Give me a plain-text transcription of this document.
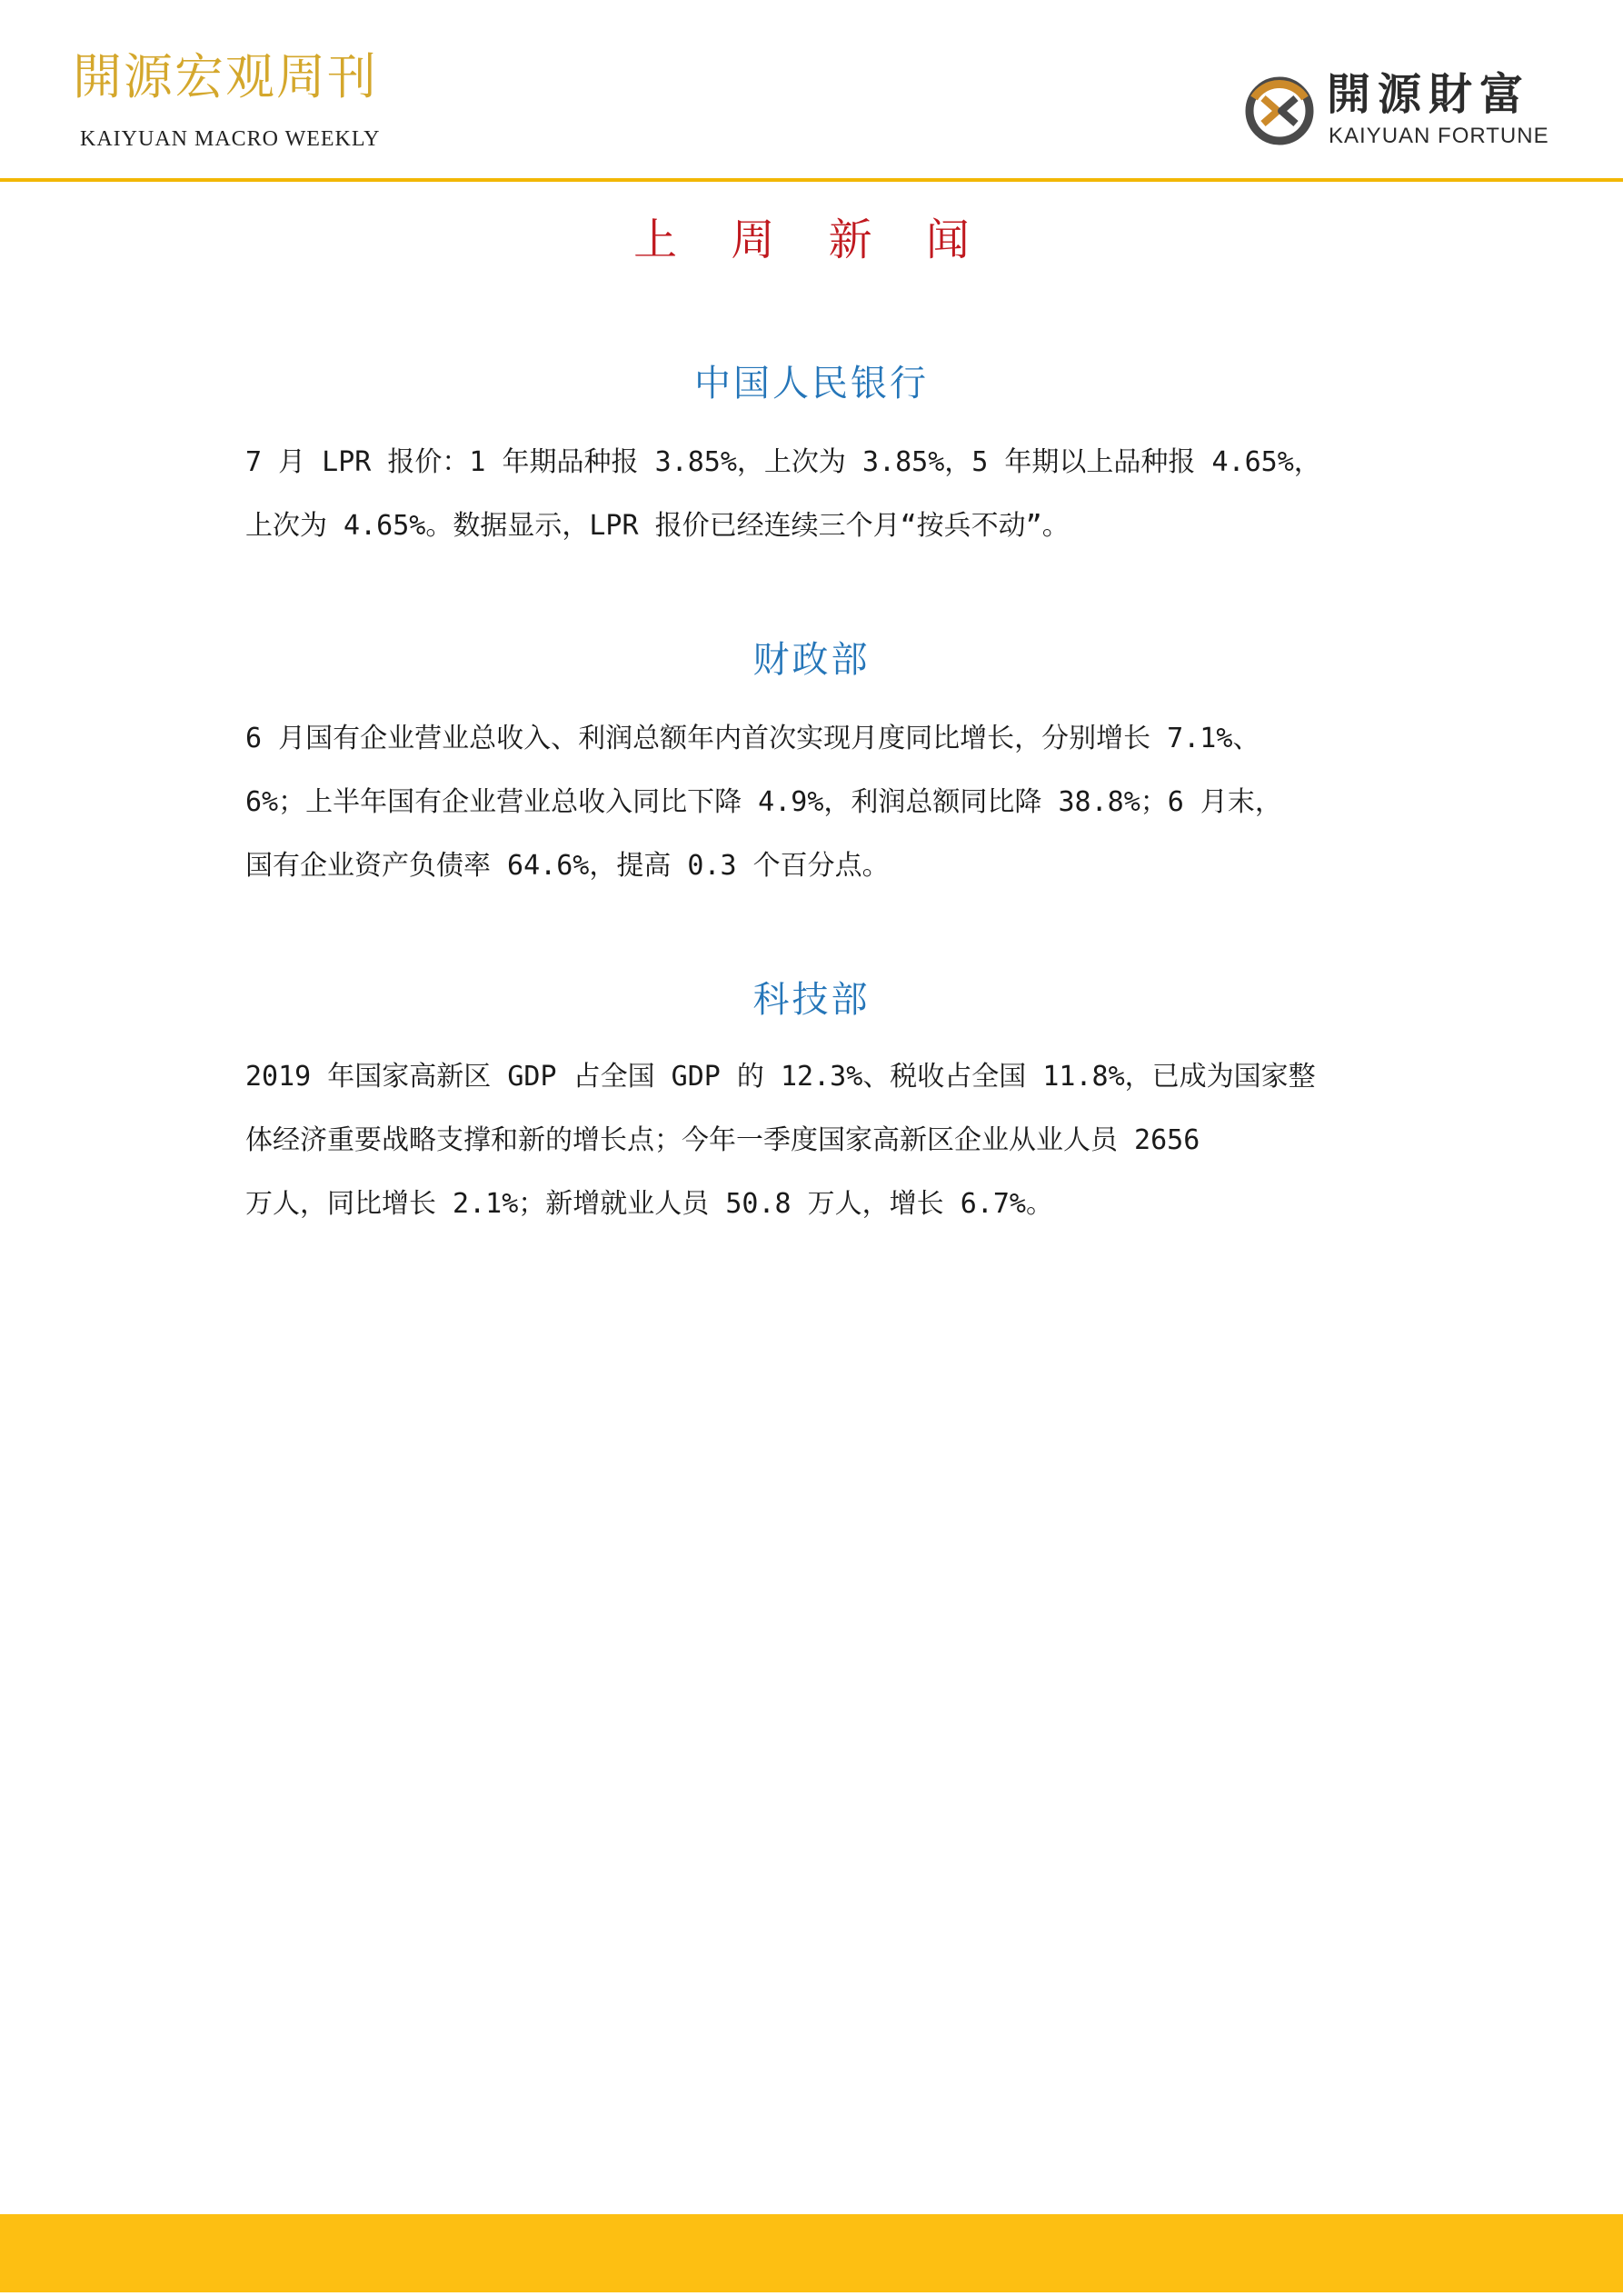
開源宏观周刊
KAIYUAN MACRO WEEKLY
開源財富
KAIYUAN FORTUNE
上 周 新 闻
中国人民银行
7 月 LPR 报价：1 年期品种报 3.85%，上次为 3.85%，5 年期以上品种报 4.65%，
上次为 4.65%。数据显示，LPR 报价已经连续三个月“按兵不动”。
财政部
6 月国有企业营业总收入、利润总额年内首次实现月度同比增长，分别增长 7.1%、
6%；上半年国有企业营业总收入同比下降 4.9%，利润总额同比降 38.8%；6 月末，
国有企业资产负债率 64.6%，提高 0.3 个百分点。
科技部
2019 年国家高新区 GDP 占全国 GDP 的 12.3%、税收占全国 11.8%，已成为国家整
体经济重要战略支撑和新的增长点；今年一季度国家高新区企业从业人员 2656
万人，同比增长 2.1%；新增就业人员 50.8 万人，增长 6.7%。
